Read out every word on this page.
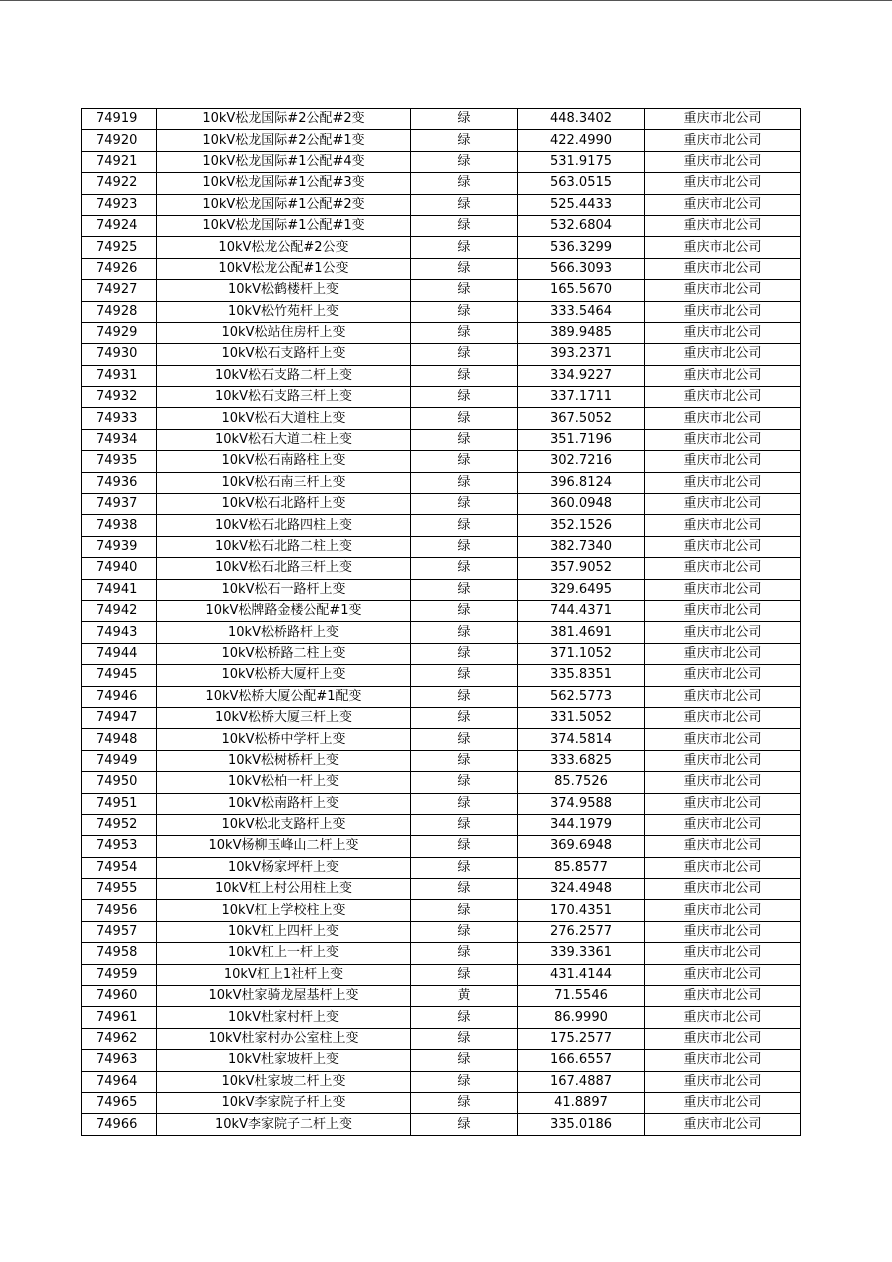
74919	10kV松龙国际#2公配#2变	绿	448.3402	重庆市北公司
74920	10kV松龙国际#2公配#1变	绿	422.4990	重庆市北公司
74921	10kV松龙国际#1公配#4变	绿	531.9175	重庆市北公司
74922	10kV松龙国际#1公配#3变	绿	563.0515	重庆市北公司
74923	10kV松龙国际#1公配#2变	绿	525.4433	重庆市北公司
74924	10kV松龙国际#1公配#1变	绿	532.6804	重庆市北公司
74925	10kV松龙公配#2公变	绿	536.3299	重庆市北公司
74926	10kV松龙公配#1公变	绿	566.3093	重庆市北公司
74927	10kV松鹤楼杆上变	绿	165.5670	重庆市北公司
74928	10kV松竹苑杆上变	绿	333.5464	重庆市北公司
74929	10kV松站住房杆上变	绿	389.9485	重庆市北公司
74930	10kV松石支路杆上变	绿	393.2371	重庆市北公司
74931	10kV松石支路二杆上变	绿	334.9227	重庆市北公司
74932	10kV松石支路三杆上变	绿	337.1711	重庆市北公司
74933	10kV松石大道柱上变	绿	367.5052	重庆市北公司
74934	10kV松石大道二柱上变	绿	351.7196	重庆市北公司
74935	10kV松石南路柱上变	绿	302.7216	重庆市北公司
74936	10kV松石南三杆上变	绿	396.8124	重庆市北公司
74937	10kV松石北路杆上变	绿	360.0948	重庆市北公司
74938	10kV松石北路四柱上变	绿	352.1526	重庆市北公司
74939	10kV松石北路二柱上变	绿	382.7340	重庆市北公司
74940	10kV松石北路三杆上变	绿	357.9052	重庆市北公司
74941	10kV松石一路杆上变	绿	329.6495	重庆市北公司
74942	10kV松牌路金楼公配#1变	绿	744.4371	重庆市北公司
74943	10kV松桥路杆上变	绿	381.4691	重庆市北公司
74944	10kV松桥路二柱上变	绿	371.1052	重庆市北公司
74945	10kV松桥大厦杆上变	绿	335.8351	重庆市北公司
74946	10kV松桥大厦公配#1配变	绿	562.5773	重庆市北公司
74947	10kV松桥大厦三杆上变	绿	331.5052	重庆市北公司
74948	10kV松桥中学杆上变	绿	374.5814	重庆市北公司
74949	10kV松树桥杆上变	绿	333.6825	重庆市北公司
74950	10kV松柏一杆上变	绿	85.7526	重庆市北公司
74951	10kV松南路杆上变	绿	374.9588	重庆市北公司
74952	10kV松北支路杆上变	绿	344.1979	重庆市北公司
74953	10kV杨柳玉峰山二杆上变	绿	369.6948	重庆市北公司
74954	10kV杨家坪杆上变	绿	85.8577	重庆市北公司
74955	10kV杠上村公用柱上变	绿	324.4948	重庆市北公司
74956	10kV杠上学校柱上变	绿	170.4351	重庆市北公司
74957	10kV杠上四杆上变	绿	276.2577	重庆市北公司
74958	10kV杠上一杆上变	绿	339.3361	重庆市北公司
74959	10kV杠上1社杆上变	绿	431.4144	重庆市北公司
74960	10kV杜家骑龙屋基杆上变	黄	71.5546	重庆市北公司
74961	10kV杜家村杆上变	绿	86.9990	重庆市北公司
74962	10kV杜家村办公室柱上变	绿	175.2577	重庆市北公司
74963	10kV杜家坡杆上变	绿	166.6557	重庆市北公司
74964	10kV杜家坡二杆上变	绿	167.4887	重庆市北公司
74965	10kV李家院子杆上变	绿	41.8897	重庆市北公司
74966	10kV李家院子二杆上变	绿	335.0186	重庆市北公司
